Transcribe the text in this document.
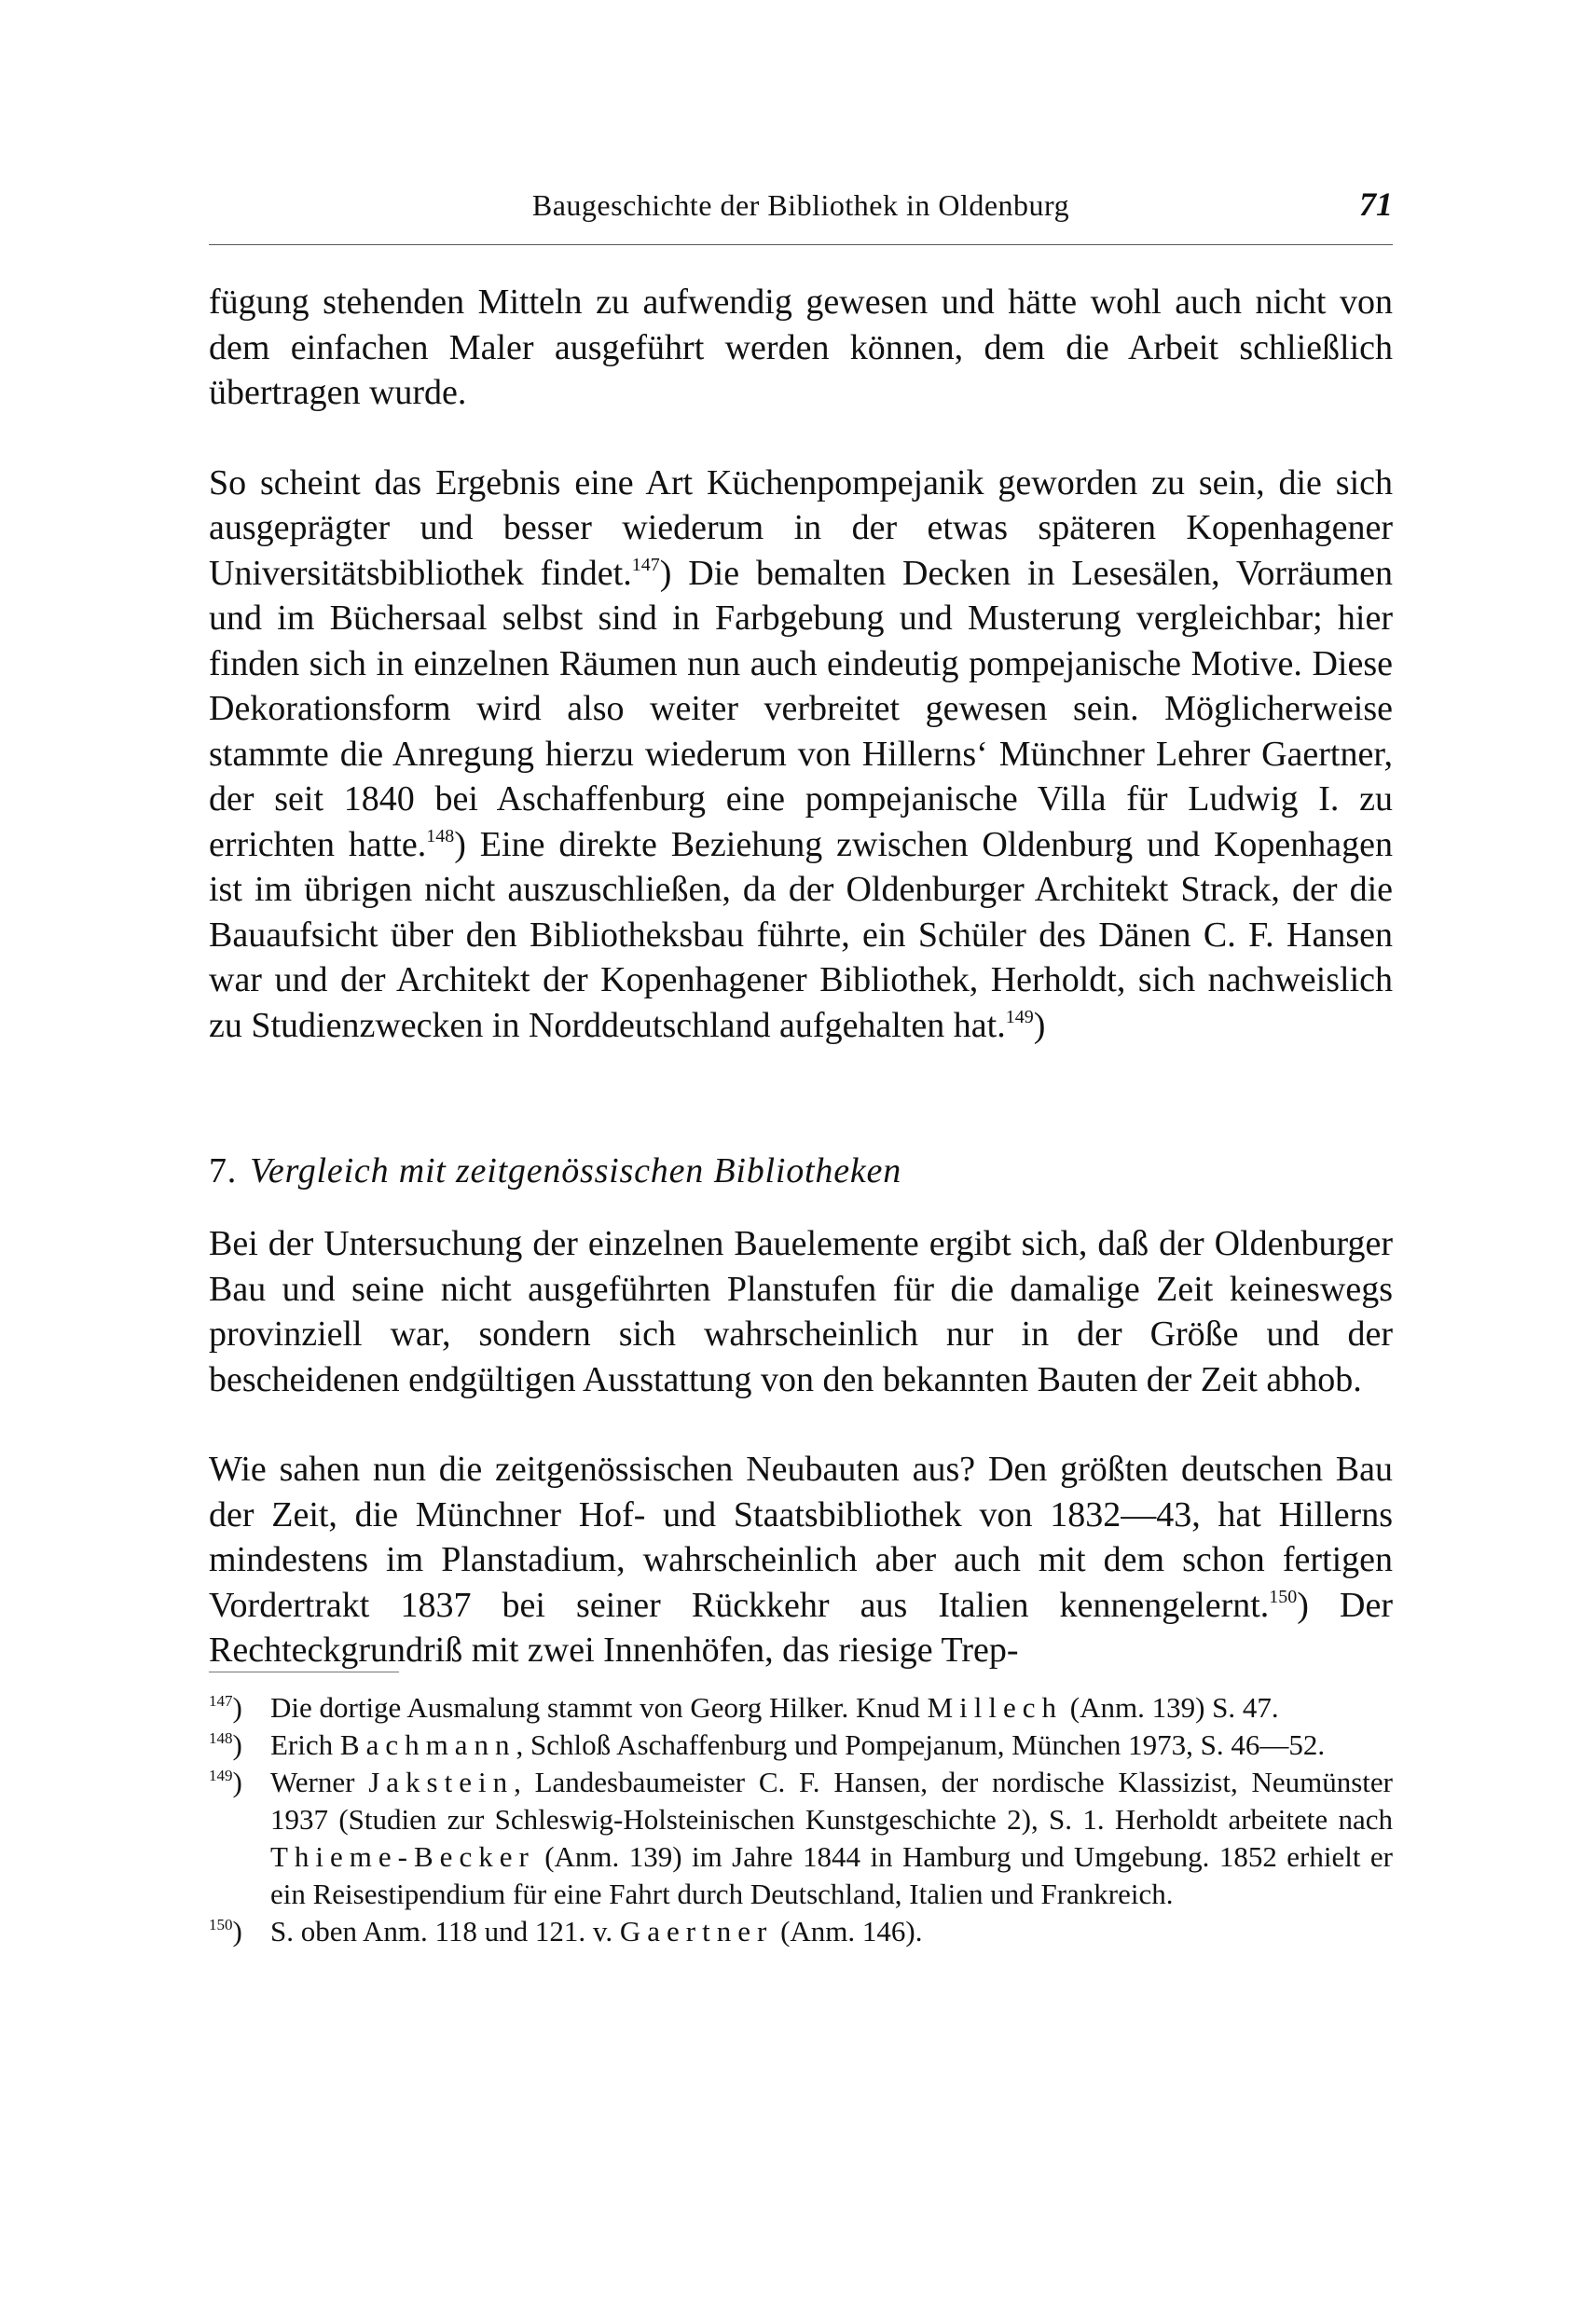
Baugeschichte der Bibliothek in Oldenburg	71

fügung stehenden Mitteln zu aufwendig gewesen und hätte wohl auch nicht von dem einfachen Maler ausgeführt werden können, dem die Arbeit schließlich übertragen wurde.

So scheint das Ergebnis eine Art Küchenpompejanik geworden zu sein, die sich ausgeprägter und besser wiederum in der etwas späteren Kopenhagener Universitätsbibliothek findet.$^{147}$) Die bemalten Decken in Lesesälen, Vorräumen und im Büchersaal selbst sind in Farbgebung und Musterung vergleichbar; hier finden sich in einzelnen Räumen nun auch eindeutig pompejanische Motive. Diese Dekorationsform wird also weiter verbreitet gewesen sein. Möglicherweise stammte die Anregung hierzu wiederum von Hillerns‘ Münchner Lehrer Gaertner, der seit 1840 bei Aschaffenburg eine pompejanische Villa für Ludwig I. zu errichten hatte.$^{148}$) Eine direkte Beziehung zwischen Oldenburg und Kopenhagen ist im übrigen nicht auszuschließen, da der Oldenburger Architekt Strack, der die Bauaufsicht über den Bibliotheksbau führte, ein Schüler des Dänen C. F. Hansen war und der Architekt der Kopenhagener Bibliothek, Herholdt, sich nachweislich zu Studienzwecken in Norddeutschland aufgehalten hat.$^{149}$)

7. Vergleich mit zeitgenössischen Bibliotheken

Bei der Untersuchung der einzelnen Bauelemente ergibt sich, daß der Oldenburger Bau und seine nicht ausgeführten Planstufen für die damalige Zeit keineswegs provinziell war, sondern sich wahrscheinlich nur in der Größe und der bescheidenen endgültigen Ausstattung von den bekannten Bauten der Zeit abhob.

Wie sahen nun die zeitgenössischen Neubauten aus? Den größten deutschen Bau der Zeit, die Münchner Hof- und Staatsbibliothek von 1832—43, hat Hillerns mindestens im Planstadium, wahrscheinlich aber auch mit dem schon fertigen Vordertrakt 1837 bei seiner Rückkehr aus Italien kennengelernt.$^{150}$) Der Rechteckgrundriß mit zwei Innenhöfen, das riesige Trep-

$^{147}$) Die dortige Ausmalung stammt von Georg Hilker. Knud Millech (Anm. 139) S. 47.
$^{148}$) Erich Bachmann, Schloß Aschaffenburg und Pompejanum, München 1973, S. 46—52.
$^{149}$) Werner Jakstein, Landesbaumeister C. F. Hansen, der nordische Klassizist, Neumünster 1937 (Studien zur Schleswig-Holsteinischen Kunstgeschichte 2), S. 1. Herholdt arbeitete nach Thieme-Becker (Anm. 139) im Jahre 1844 in Hamburg und Umgebung. 1852 erhielt er ein Reisestipendium für eine Fahrt durch Deutschland, Italien und Frankreich.
$^{150}$) S. oben Anm. 118 und 121. v. Gaertner (Anm. 146).
